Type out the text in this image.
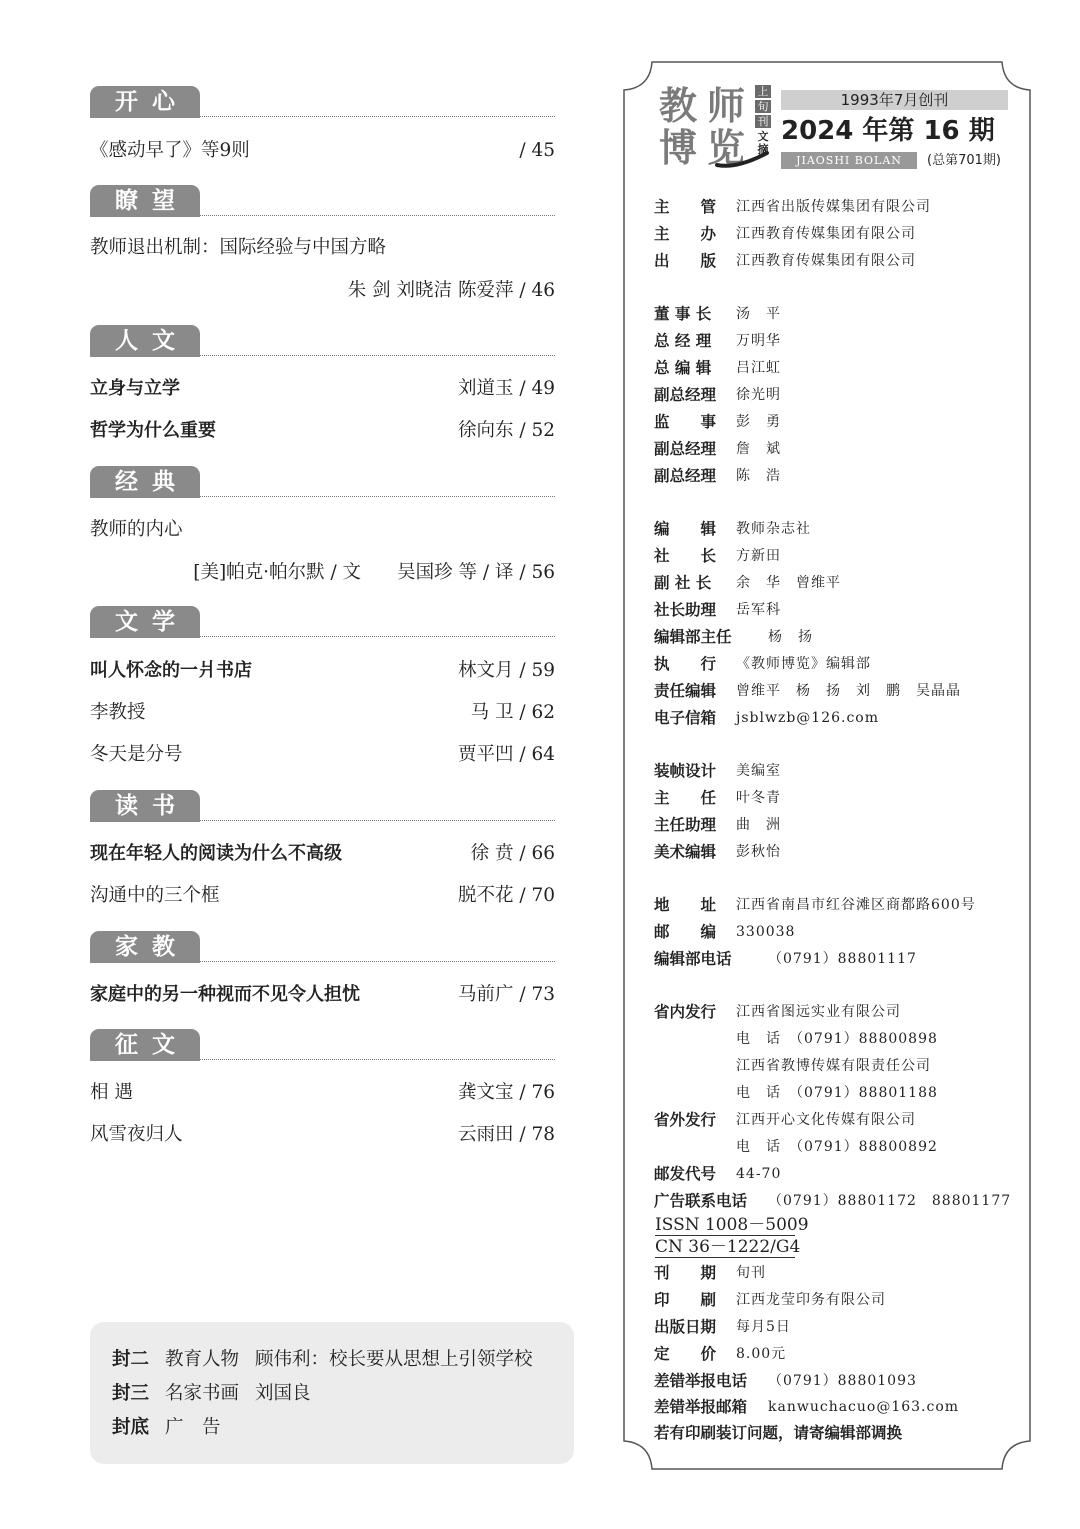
开心
《感动早了》等9则	/ 45
瞭望
教师退出机制：国际经验与中国方略
朱 剑 刘晓洁 陈爱萍 / 46
人文
立身与立学	刘道玉 / 49
哲学为什么重要	徐向东 / 52
经典
教师的内心
[美]帕克·帕尔默 / 文 吴国珍 等 / 译 / 56
文学
叫人怀念的一爿书店	林文月 / 59
李教授	马 卫 / 62
冬天是分号	贾平凹 / 64
读书
现在年轻人的阅读为什么不高级	徐 贲 / 66
沟通中的三个框	脱不花 / 70
家教
家庭中的另一种视而不见令人担忧	马前广 / 73
征文
相 遇	龚文宝 / 76
风雪夜归人	云雨田 / 78
封二 教育人物 顾伟利：校长要从思想上引领学校
封三 名家书画 刘国良
封底 广　告
教 师
博 览
上
旬
刊
文
摘
1993年7月创刊
2024 年第 16 期
JIAOSHI BOLAN	(总第701期)
主　　管 江西省出版传媒集团有限公司
主　　办 江西教育传媒集团有限公司
出　　版 江西教育传媒集团有限公司
董 事 长 汤　平
总 经 理 万明华
总 编 辑 吕江虹
副总经理 徐光明
监　　事 彭　勇
副总经理 詹　斌
副总经理 陈　浩
编　　辑 教师杂志社
社　　长 方新田
副 社 长 余　华　曾维平
社长助理 岳军科
编辑部主任	杨　扬
执　　行 《教师博览》编辑部
责任编辑 曾维平　杨　扬　刘　鹏　吴晶晶
电子信箱 jsblwzb@126.com
装帧设计 美编室
主　　任 叶冬青
主任助理 曲　洲
美术编辑 彭秋怡
地　　址 江西省南昌市红谷滩区商都路600号
邮　　编 330038
编辑部电话	（0791）88801117
省内发行 江西省图远实业有限公司
电　话　（0791）88800898
江西省教博传媒有限责任公司
电　话　（0791）88801188
省外发行 江西开心文化传媒有限公司
电　话　（0791）88800892
邮发代号 44-70
广告联系电话 （0791）88801172　88801177
ISSN 1008－5009
CN 36－1222/G4
刊　　期 旬刊
印　　刷 江西龙莹印务有限公司
出版日期 每月5日
定　　价 8.00元
差错举报电话 （0791）88801093
差错举报邮箱 kanwuchacuo@163.com
若有印刷装订问题，请寄编辑部调换
